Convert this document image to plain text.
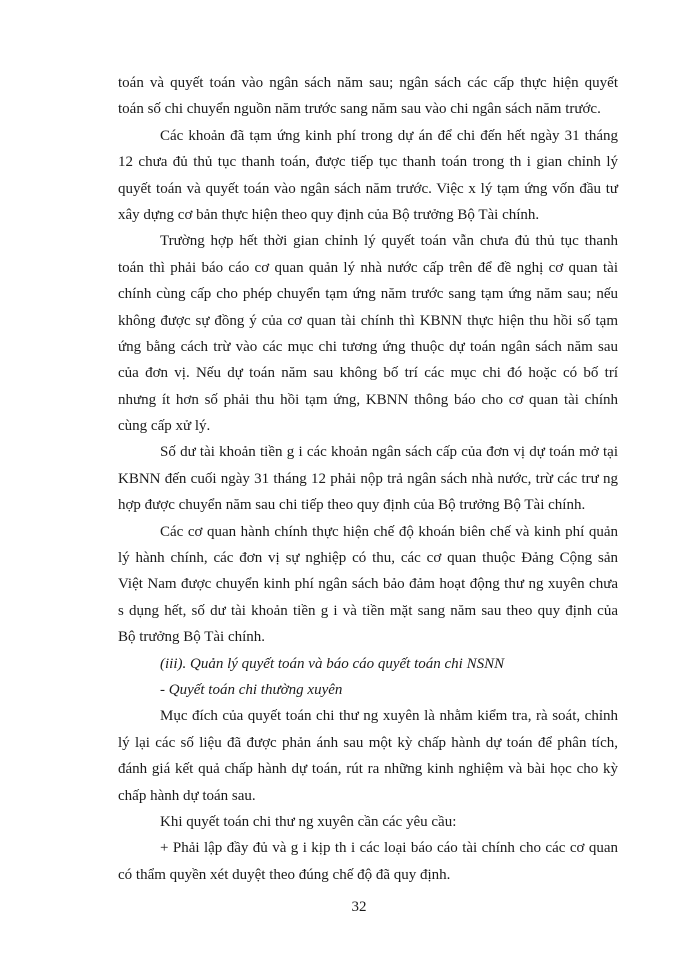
toán và quyết toán vào ngân sách năm sau; ngân sách các cấp thực hiện quyết
toán số chi chuyển nguồn năm trước sang năm sau vào chi ngân sách năm trước.
Các khoản đã tạm ứng kinh phí trong dự án để chi đến hết ngày 31 tháng
12 chưa đủ thủ tục thanh toán, được tiếp tục thanh toán trong th i gian chỉnh lý
quyết toán và quyết toán vào ngân sách năm trước. Việc x lý tạm ứng vốn đầu tư
xây dựng cơ bản thực hiện theo quy định của Bộ trưởng Bộ Tài chính.
Trường hợp hết thời gian chỉnh lý quyết toán vẫn chưa đủ thủ tục thanh
toán thì phải báo cáo cơ quan quản lý nhà nước cấp trên để đề nghị cơ quan tài
chính cùng cấp cho phép chuyển tạm ứng năm trước sang tạm ứng năm sau; nếu
không được sự đồng ý của cơ quan tài chính thì KBNN thực hiện thu hồi số tạm
ứng bằng cách trừ vào các mục chi tương ứng thuộc dự toán ngân sách năm sau
của đơn vị. Nếu dự toán năm sau không bố trí các mục chi đó hoặc có bố trí
nhưng ít hơn số phải thu hồi tạm ứng, KBNN thông báo cho cơ quan tài chính
cùng cấp xử lý.
Số dư tài khoản tiền g i các khoản ngân sách cấp của đơn vị dự toán mở tại
KBNN đến cuối ngày 31 tháng 12 phải nộp trả ngân sách nhà nước, trừ các trư ng
hợp được chuyển năm sau chi tiếp theo quy định của Bộ trưởng Bộ Tài chính.
Các cơ quan hành chính thực hiện chế độ khoán biên chế và kinh phí quản
lý hành chính, các đơn vị sự nghiệp có thu, các cơ quan thuộc Đảng Cộng sản
Việt Nam được chuyển kinh phí ngân sách bảo đảm hoạt động thư ng xuyên chưa
s dụng hết, số dư tài khoản tiền g i và tiền mặt sang năm sau theo quy định của
Bộ trưởng Bộ Tài chính.
(iii). Quản lý quyết toán và báo cáo quyết toán chi NSNN
- Quyết toán chi thường xuyên
Mục đích của quyết toán chi thư ng xuyên là nhằm kiểm tra, rà soát, chỉnh
lý lại các số liệu đã được phản ánh sau một kỳ chấp hành dự toán để phân tích,
đánh giá kết quả chấp hành dự toán, rút ra những kinh nghiệm và bài học cho kỳ
chấp hành dự toán sau.
Khi quyết toán chi thư ng xuyên cần các yêu cầu:
+ Phải lập đầy đủ và g i kịp th i các loại báo cáo tài chính cho các cơ quan
có thẩm quyền xét duyệt theo đúng chế độ đã quy định.
32
